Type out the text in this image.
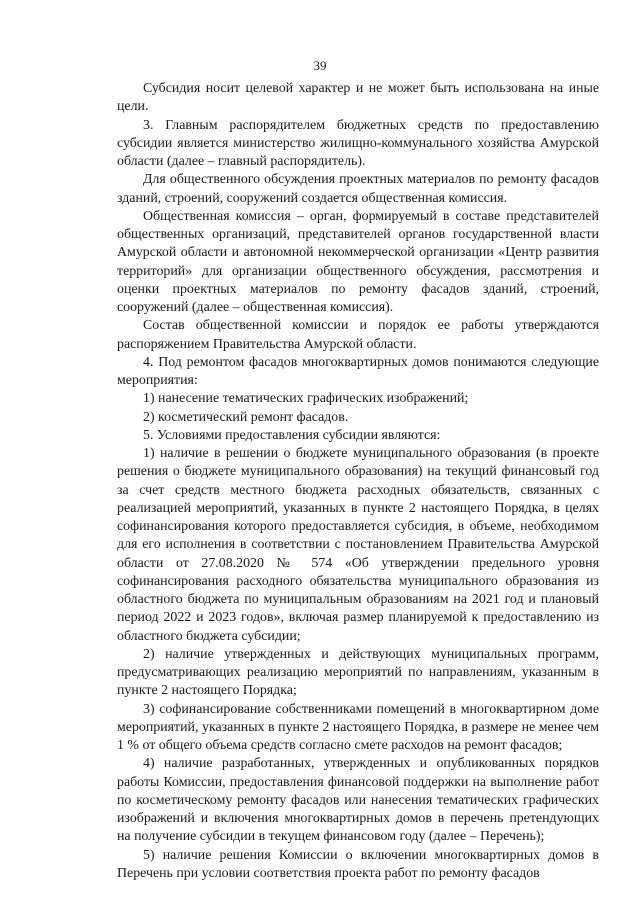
39

Субсидия носит целевой характер и не может быть использована на иные цели.

3. Главным распорядителем бюджетных средств по предоставлению субсидии является министерство жилищно-коммунального хозяйства Амурской области (далее – главный распорядитель).

Для общественного обсуждения проектных материалов по ремонту фасадов зданий, строений, сооружений создается общественная комиссия.

Общественная комиссия – орган, формируемый в составе представителей общественных организаций, представителей органов государственной власти Амурской области и автономной некоммерческой организации «Центр развития территорий» для организации общественного обсуждения, рассмотрения и оценки проектных материалов по ремонту фасадов зданий, строений, сооружений (далее – общественная комиссия).

Состав общественной комиссии и порядок ее работы утверждаются распоряжением Правительства Амурской области.

4. Под ремонтом фасадов многоквартирных домов понимаются следующие мероприятия:

1) нанесение тематических графических изображений;

2) косметический ремонт фасадов.

5. Условиями предоставления субсидии являются:

1) наличие в решении о бюджете муниципального образования (в проекте решения о бюджете муниципального образования) на текущий финансовый год за счет средств местного бюджета расходных обязательств, связанных с реализацией мероприятий, указанных в пункте 2 настоящего Порядка, в целях софинансирования которого предоставляется субсидия, в объеме, необходимом для его исполнения в соответствии с постановлением Правительства Амурской области от 27.08.2020 № 574 «Об утверждении предельного уровня софинансирования расходного обязательства муниципального образования из областного бюджета по муниципальным образованиям на 2021 год и плановый период 2022 и 2023 годов», включая размер планируемой к предоставлению из областного бюджета субсидии;

2) наличие утвержденных и действующих муниципальных программ, предусматривающих реализацию мероприятий по направлениям, указанным в пункте 2 настоящего Порядка;

3) софинансирование собственниками помещений в многоквартирном доме мероприятий, указанных в пункте 2 настоящего Порядка, в размере не менее чем 1 % от общего объема средств согласно смете расходов на ремонт фасадов;

4) наличие разработанных, утвержденных и опубликованных порядков работы Комиссии, предоставления финансовой поддержки на выполнение работ по косметическому ремонту фасадов или нанесения тематических графических изображений и включения многоквартирных домов в перечень претендующих на получение субсидии в текущем финансовом году (далее – Перечень);

5) наличие решения Комиссии о включении многоквартирных домов в Перечень при условии соответствия проекта работ по ремонту фасадов
